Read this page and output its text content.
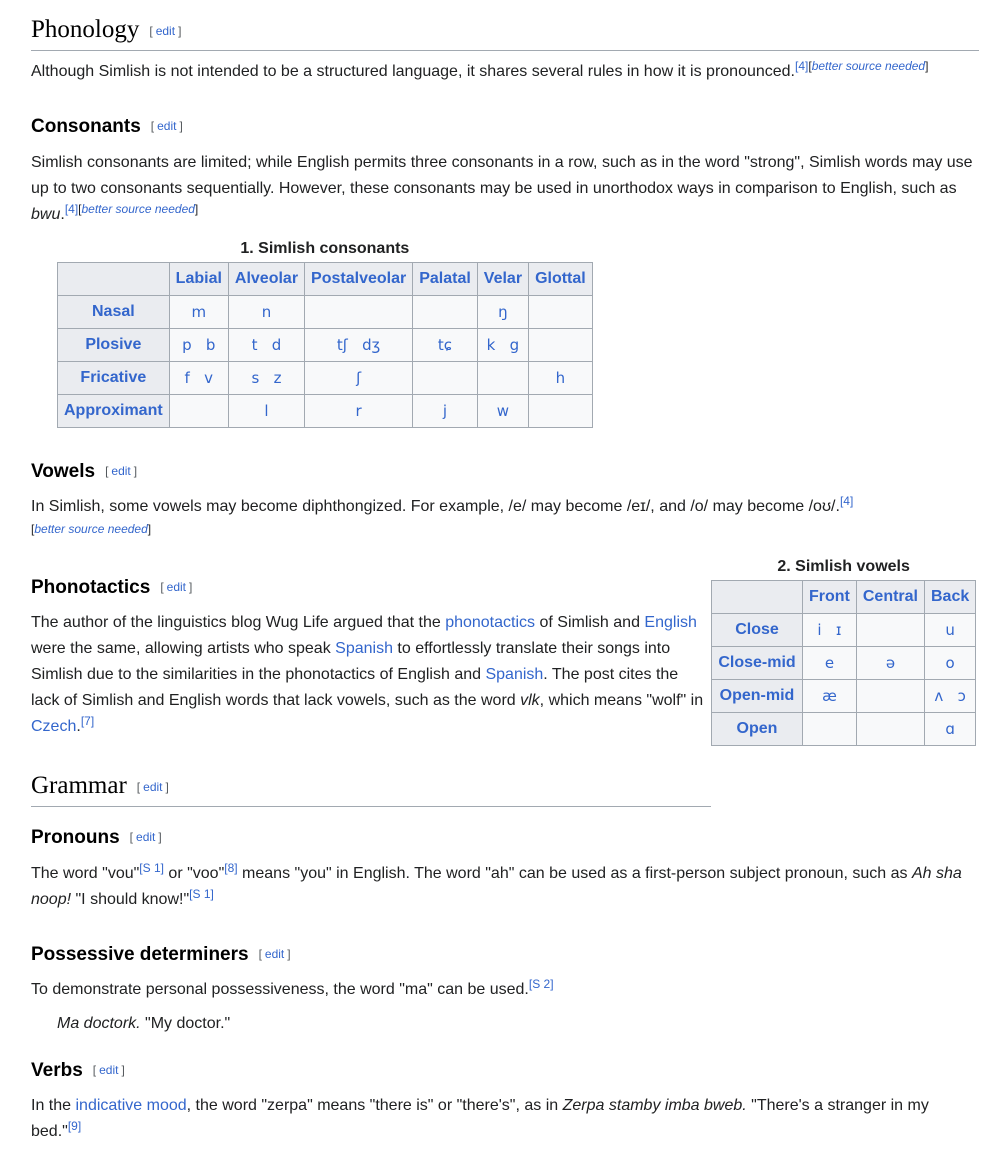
Phonology [ edit ]

Although Simlish is not intended to be a structured language, it shares several rules in how it is pronounced.[4][better source needed]

Consonants [ edit ]

Simlish consonants are limited; while English permits three consonants in a row, such as in the word "strong", Simlish words may use up to two consonants sequentially. However, these consonants may be used in unorthodox ways in comparison to English, such as bwu.[4][better source needed]

1. Simlish consonants
	Labial	Alveolar	Postalveolar	Palatal	Velar	Glottal
Nasal	m	n			ŋ	
Plosive	p   b	t   d	tʃ   dʒ	tɕ	k   g	
Fricative	f   v	s   z	ʃ			h
Approximant		l	r	j	w	
Vowels [ edit ]

In Simlish, some vowels may become diphthongized. For example, /e/ may become /eɪ/, and /o/ may become /oʊ/.[4]

[better source needed]
2. Simlish vowels
	Front	Central	Back
Close	i   ɪ		u
Close-mid	e	ə	o
Open-mid	æ		ʌ   ɔ
Open			ɑ
Phonotactics [ edit ]

The author of the linguistics blog Wug Life argued that the phonotactics of Simlish and English were the same, allowing artists who speak Spanish to effortlessly translate their songs into Simlish due to the similarities in the phonotactics of English and Spanish. The post cites the lack of Simlish and English words that lack vowels, such as the word vlk, which means "wolf" in Czech.[7]

Grammar [ edit ]
Pronouns [ edit ]

The word "vou"[S 1] or "voo"[8] means "you" in English. The word "ah" can be used as a first-person subject pronoun, such as Ah sha noop! "I should know!"[S 1]

Possessive determiners [ edit ]

To demonstrate personal possessiveness, the word "ma" can be used.[S 2]

Ma doctork. "My doctor."
Verbs [ edit ]

In the indicative mood, the word "zerpa" means "there is" or "there's", as in Zerpa stamby imba bweb. "There's a stranger in my bed."[9]
